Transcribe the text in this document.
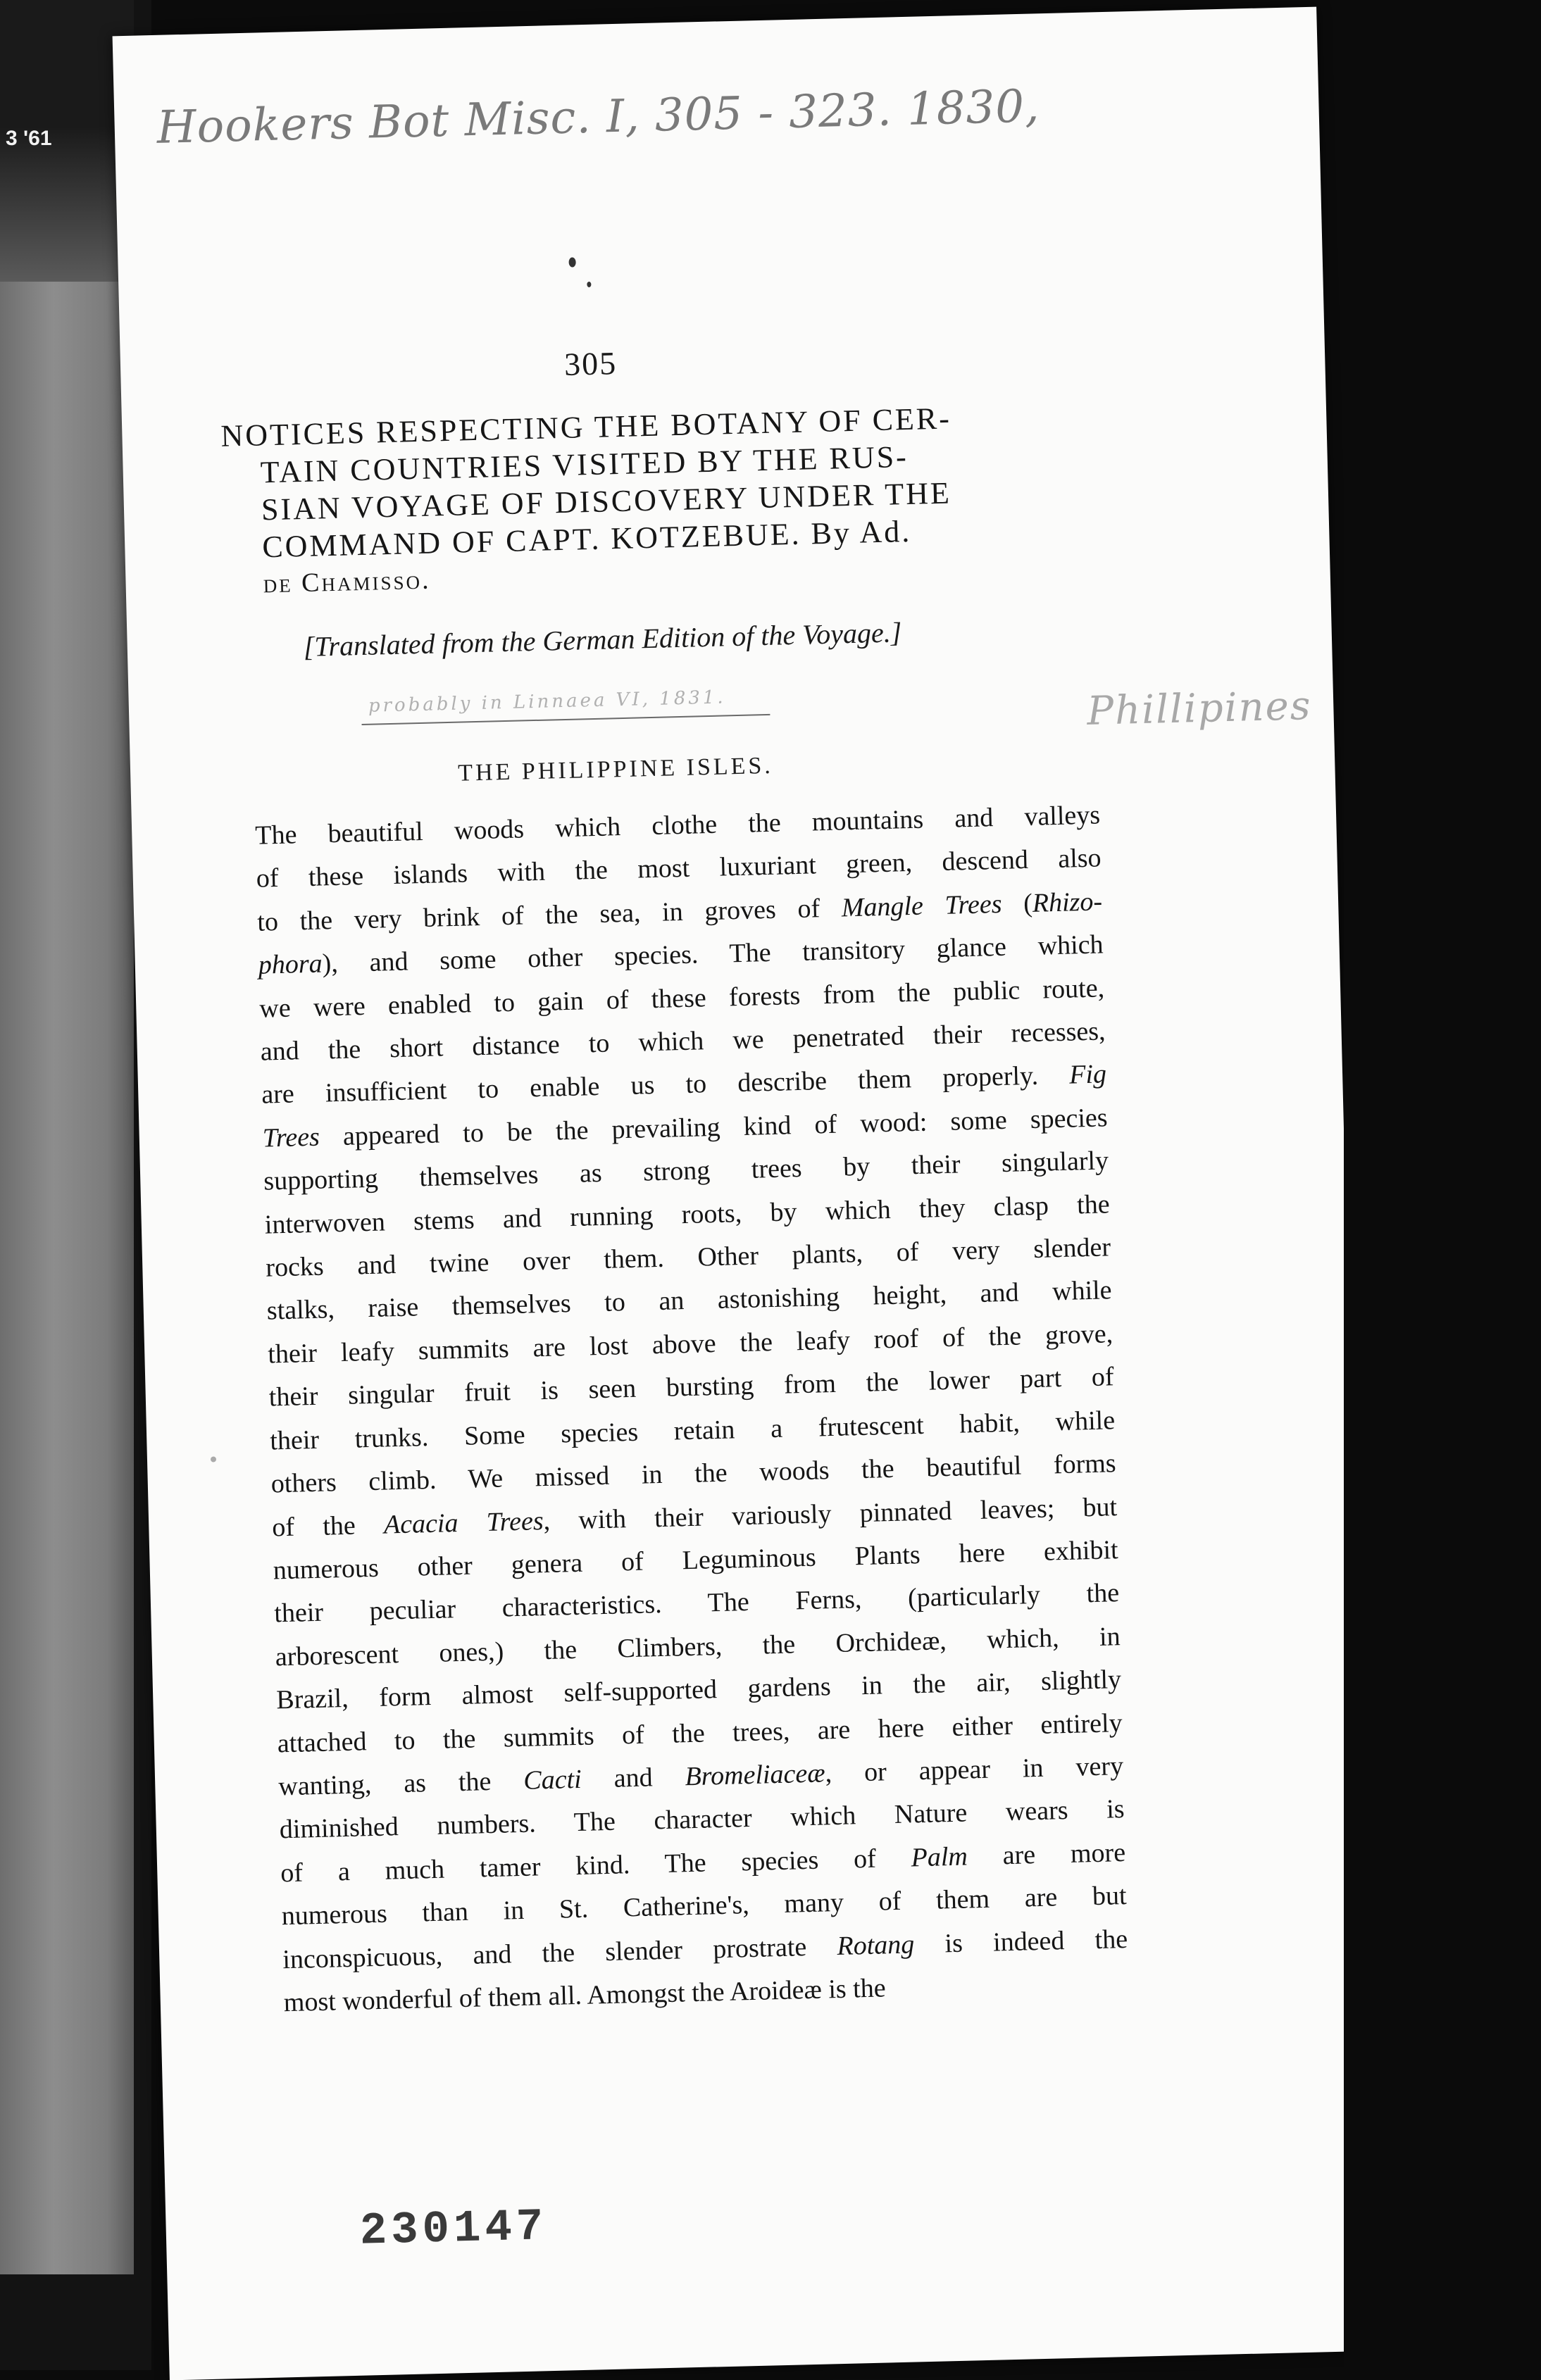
3 '61 Hookers Bot Misc. I, 305 - 323. 1830,
305
NOTICES RESPECTING THE BOTANY OF CER-
TAIN COUNTRIES VISITED BY THE RUS-
SIAN VOYAGE OF DISCOVERY UNDER THE
COMMAND OF CAPT. KOTZEBUE. By Ad.
de Chamisso.
[Translated from the German Edition of the Voyage.]
probably in Linnaea VI, 1831.	Phillipines
THE PHILIPPINE ISLES.
The beautiful woods which clothe the mountains and valleys
of these islands with the most luxuriant green, descend also
to the very brink of the sea, in groves of Mangle Trees (Rhizo-
phora), and some other species. The transitory glance which
we were enabled to gain of these forests from the public route,
and the short distance to which we penetrated their recesses,
are insufficient to enable us to describe them properly. Fig
Trees appeared to be the prevailing kind of wood: some species
supporting themselves as strong trees by their singularly
interwoven stems and running roots, by which they clasp the
rocks and twine over them. Other plants, of very slender
stalks, raise themselves to an astonishing height, and while
their leafy summits are lost above the leafy roof of the grove,
their singular fruit is seen bursting from the lower part of
their trunks. Some species retain a frutescent habit, while
others climb. We missed in the woods the beautiful forms
of the Acacia Trees, with their variously pinnated leaves; but
numerous other genera of Leguminous Plants here exhibit
their peculiar characteristics. The Ferns, (particularly the
arborescent ones,) the Climbers, the Orchideæ, which, in
Brazil, form almost self-supported gardens in the air, slightly
attached to the summits of the trees, are here either entirely
wanting, as the Cacti and Bromeliaceæ, or appear in very
diminished numbers. The character which Nature wears is
of a much tamer kind. The species of Palm are more
numerous than in St. Catherine's, many of them are but
inconspicuous, and the slender prostrate Rotang is indeed the
most wonderful of them all. Amongst the Aroideæ is the
230147
